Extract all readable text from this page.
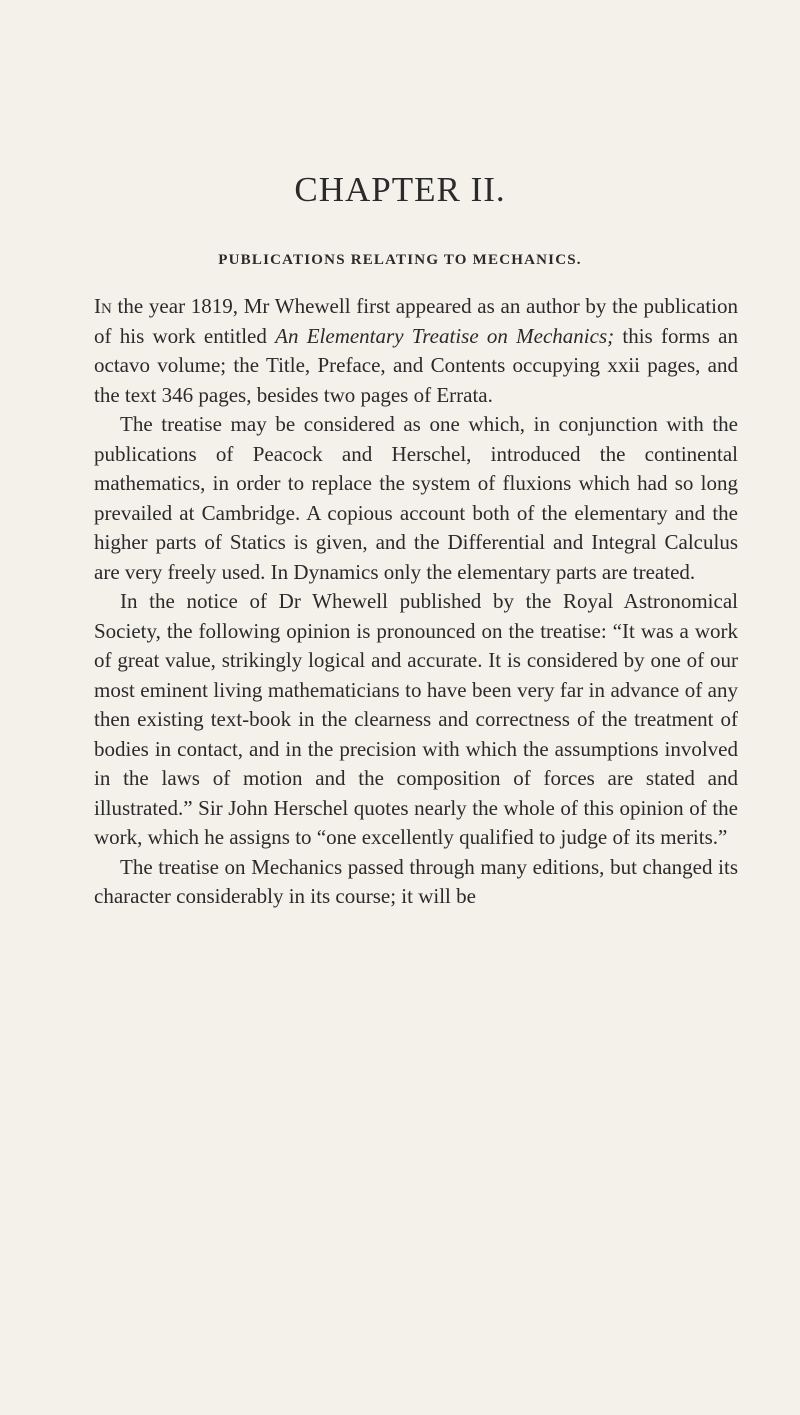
CHAPTER II.
PUBLICATIONS RELATING TO MECHANICS.

In the year 1819, Mr Whewell first appeared as an author by the publication of his work entitled An Elementary Treatise on Mechanics; this forms an octavo volume; the Title, Preface, and Contents occupying xxii pages, and the text 346 pages, besides two pages of Errata.

The treatise may be considered as one which, in conjunction with the publications of Peacock and Herschel, introduced the continental mathematics, in order to replace the system of fluxions which had so long prevailed at Cambridge. A copious account both of the elementary and the higher parts of Statics is given, and the Differential and Integral Calculus are very freely used. In Dynamics only the elementary parts are treated.

In the notice of Dr Whewell published by the Royal Astronomical Society, the following opinion is pronounced on the treatise: “It was a work of great value, strikingly logical and accurate. It is considered by one of our most eminent living mathematicians to have been very far in advance of any then existing text-book in the clearness and correctness of the treatment of bodies in contact, and in the precision with which the assumptions involved in the laws of motion and the composition of forces are stated and illustrated.” Sir John Herschel quotes nearly the whole of this opinion of the work, which he assigns to “one excellently qualified to judge of its merits.”

The treatise on Mechanics passed through many editions, but changed its character considerably in its course; it will be
